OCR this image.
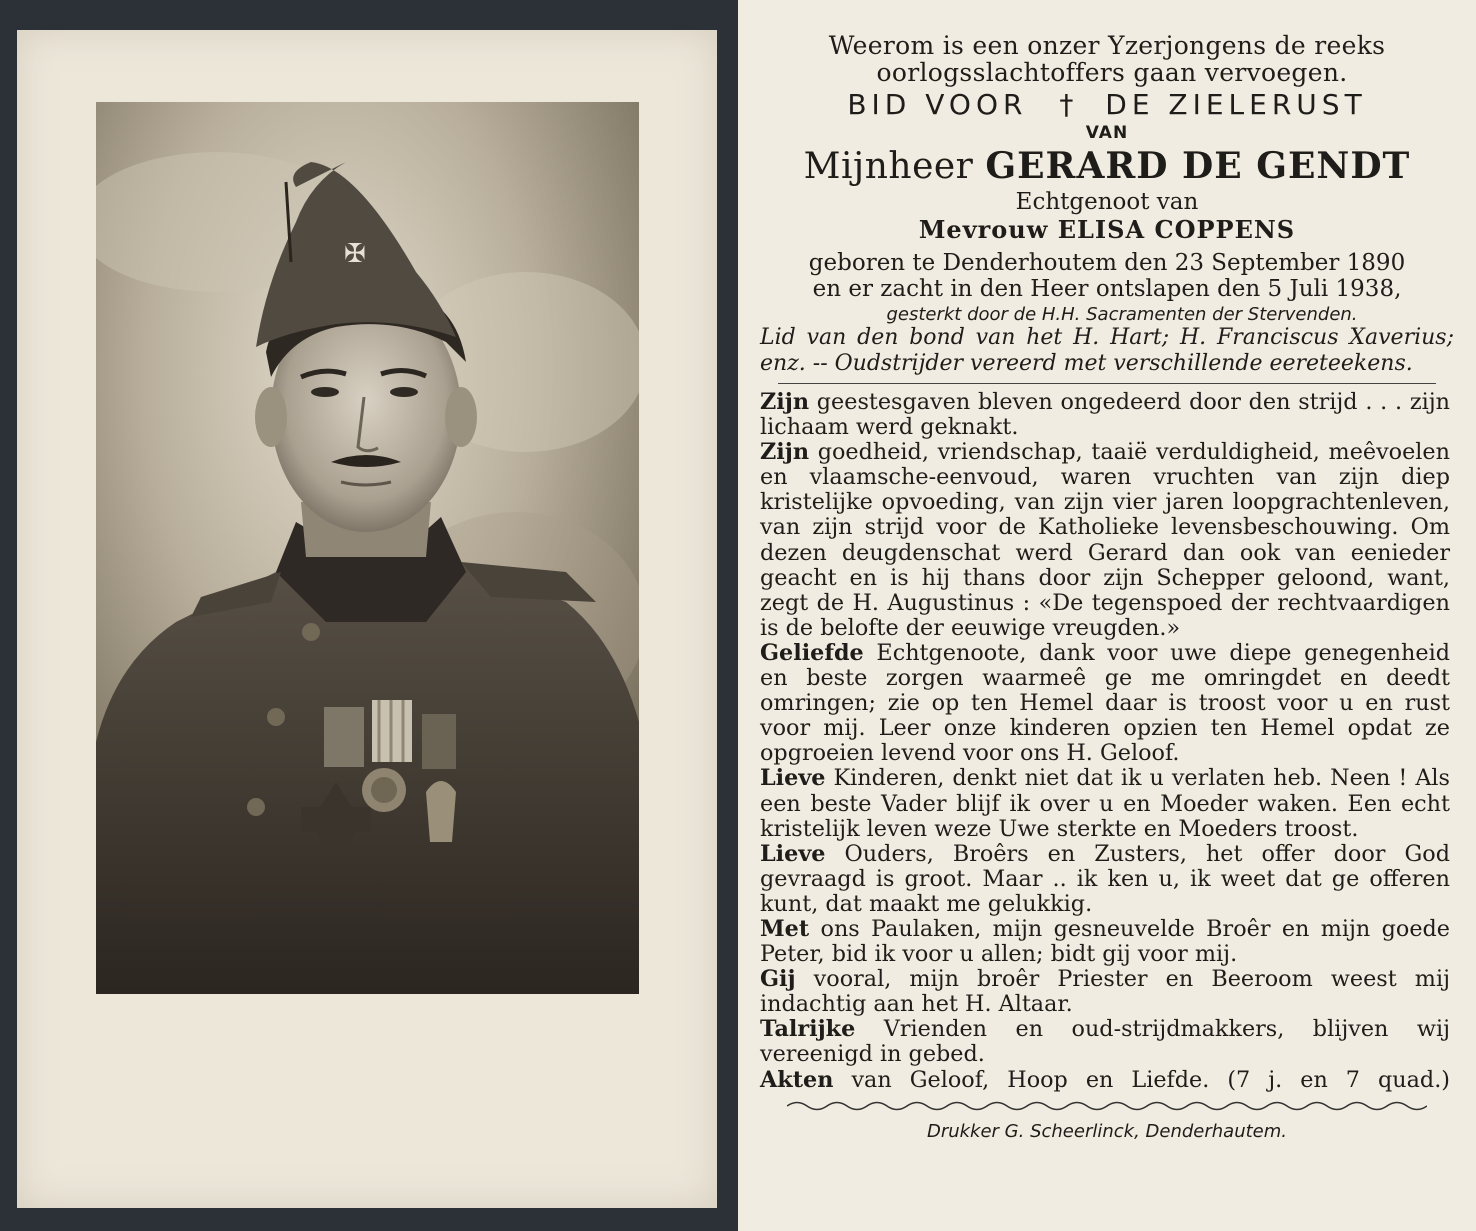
✠
Weerom is een onzer Yzerjongens de reeks
oorlogsslachtoffers gaan vervoegen.
BID VOOR † DE ZIELERUST
VAN
Mijnheer GERARD DE GENDT
Echtgenoot van
Mevrouw ELISA COPPENS
geboren te Denderhoutem den 23 September 1890
en er zacht in den Heer ontslapen den 5 Juli 1938,
gesterkt door de H.H. Sacramenten der Stervenden.
Lid van den bond van het H. Hart; H. Franciscus Xaverius; enz. -- Oudstrijder vereerd met verschillende eereteekens.

Zijn geestesgaven bleven ongedeerd door den strijd . . . zijn lichaam werd geknakt.

Zijn goedheid, vriendschap, taaië verduldigheid, meêvoelen en vlaamsche-eenvoud, waren vruchten van zijn diep kristelijke opvoeding, van zijn vier jaren loopgrachtenleven, van zijn strijd voor de Katholieke levensbeschouwing. Om dezen deugdenschat werd Gerard dan ook van eenieder geacht en is hij thans door zijn Schepper geloond, want, zegt de H. Augustinus : «De tegenspoed der rechtvaardigen is de belofte der eeuwige vreugden.»

Geliefde Echtgenoote, dank voor uwe diepe genegenheid en beste zorgen waarmeê ge me omringdet en deedt omringen; zie op ten Hemel daar is troost voor u en rust voor mij. Leer onze kinderen opzien ten Hemel opdat ze opgroeien levend voor ons H. Geloof.

Lieve Kinderen, denkt niet dat ik u verlaten heb. Neen ! Als een beste Vader blijf ik over u en Moeder waken. Een echt kristelijk leven weze Uwe sterkte en Moeders troost.

Lieve Ouders, Broêrs en Zusters, het offer door God gevraagd is groot. Maar .. ik ken u, ik weet dat ge offeren kunt, dat maakt me gelukkig.

Met ons Paulaken, mijn gesneuvelde Broêr en mijn goede Peter, bid ik voor u allen; bidt gij voor mij.

Gij vooral, mijn broêr Priester en Beeroom weest mij indachtig aan het H. Altaar.

Talrijke Vrienden en oud-strijdmakkers, blijven wij vereenigd in gebed.

Akten van Geloof, Hoop en Liefde. (7 j. en 7 quad.)

Drukker G. Scheerlinck, Denderhautem.
